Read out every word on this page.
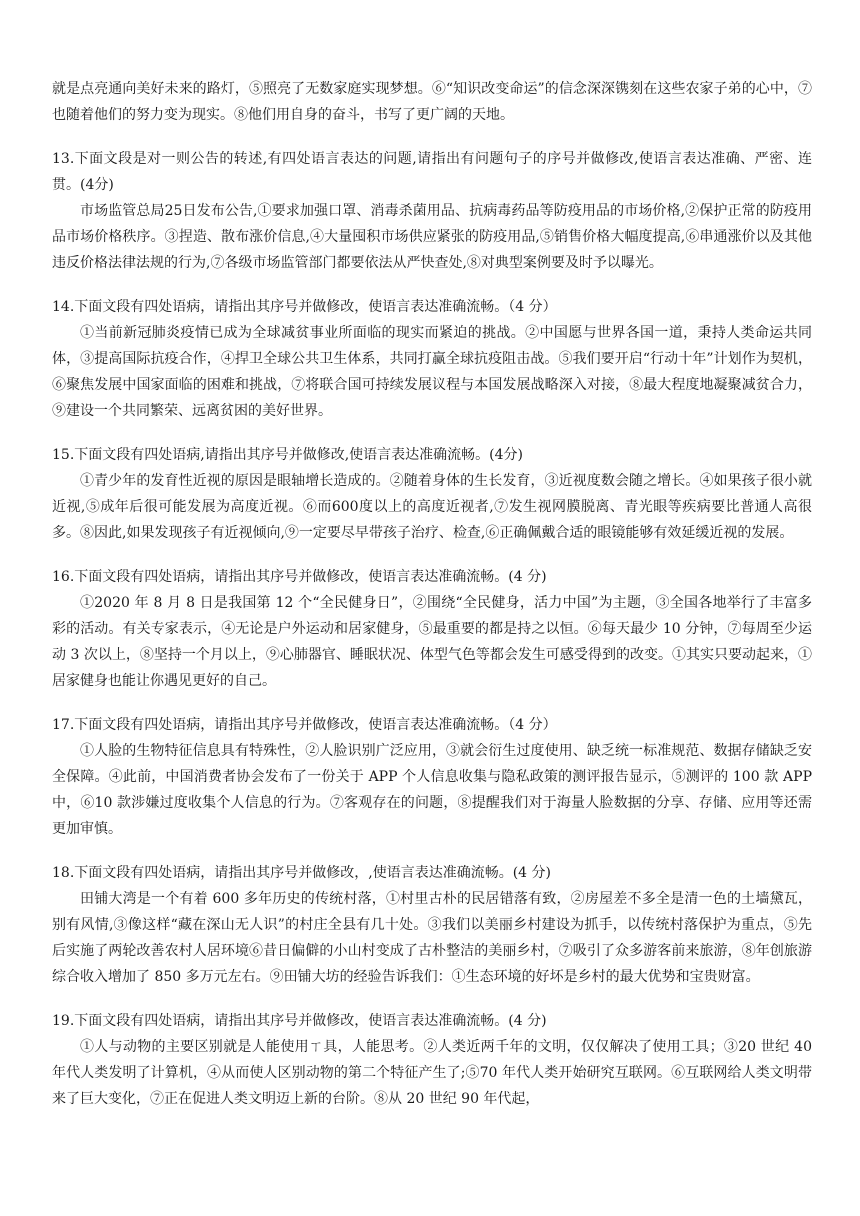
就是点亮通向美好未来的路灯，⑤照亮了无数家庭实现梦想。⑥“知识改变命运”的信念深深镌刻在这些农家子弟的心中，⑦也随着他们的努力变为现实。⑧他们用自身的奋斗，书写了更广阔的天地。

13.下面文段是对一则公告的转述,有四处语言表达的问题,请指出有问题句子的序号并做修改,使语言表达准确、严密、连贯。(4分)

市场监管总局25日发布公告,①要求加强口罩、消毒杀菌用品、抗病毒药品等防疫用品的市场价格,②保护正常的防疫用品市场价格秩序。③捏造、散布涨价信息,④大量囤积市场供应紧张的防疫用品,⑤销售价格大幅度提高,⑥串通涨价以及其他违反价格法律法规的行为,⑦各级市场监管部门都要依法从严快查处,⑧对典型案例要及时予以曝光。

14.下面文段有四处语病，请指出其序号并做修改，使语言表达准确流畅。（4 分）

①当前新冠肺炎疫情已成为全球减贫事业所面临的现实而紧迫的挑战。②中国愿与世界各国一道，秉持人类命运共同体，③提高国际抗疫合作，④捍卫全球公共卫生体系，共同打赢全球抗疫阻击战。⑤我们要开启“行动十年”计划作为契机，⑥聚焦发展中国家面临的困难和挑战，⑦将联合国可持续发展议程与本国发展战略深入对接，⑧最大程度地凝聚减贫合力，⑨建设一个共同繁荣、远离贫困的美好世界。

15.下面文段有四处语病,请指出其序号并做修改,使语言表达准确流畅。(4分)

①青少年的发育性近视的原因是眼轴增长造成的。②随着身体的生长发育，③近视度数会随之增长。④如果孩子很小就近视,⑤成年后很可能发展为高度近视。⑥而600度以上的高度近视者,⑦发生视网膜脱离、青光眼等疾病要比普通人高很多。⑧因此,如果发现孩子有近视倾向,⑨一定要尽早带孩子治疗、检查,⑥正确佩戴合适的眼镜能够有效延缓近视的发展。

16.下面文段有四处语病，请指出其序号并做修改，使语言表达准确流畅。(4 分)

①2020 年 8 月 8 日是我国第 12 个“全民健身日”，②围绕“全民健身，活力中国”为主题，③全国各地举行了丰富多彩的活动。有关专家表示，④无论是户外运动和居家健身，⑤最重要的都是持之以恒。⑥每天最少 10 分钟，⑦每周至少运动 3 次以上，⑧坚持一个月以上，⑨心肺器官、睡眠状况、体型气色等都会发生可感受得到的改变。①其实只要动起来，①居家健身也能让你遇见更好的自己。

17.下面文段有四处语病，请指出其序号并做修改，使语言表达准确流畅。（4 分）

①人脸的生物特征信息具有特殊性，②人脸识别广泛应用，③就会衍生过度使用、缺乏统一标准规范、数据存储缺乏安全保障。④此前，中国消费者协会发布了一份关于 APP 个人信息收集与隐私政策的测评报告显示，⑤测评的 100 款 APP 中，⑥10 款涉嫌过度收集个人信息的行为。⑦客观存在的问题，⑧提醒我们对于海量人脸数据的分享、存储、应用等还需更加审慎。

18.下面文段有四处语病，请指出其序号并做修改，,使语言表达准确流畅。(4 分)

田铺大湾是一个有着 600 多年历史的传统村落，①村里古朴的民居错落有致，②房屋差不多全是清一色的土墙黛瓦，别有风情,③像这样“藏在深山无人识”的村庄全县有几十处。③我们以美丽乡村建设为抓手，以传统村落保护为重点，⑤先后实施了两轮改善农村人居环境⑥昔日偏僻的小山村变成了古朴整洁的美丽乡村，⑦吸引了众多游客前来旅游，⑧年创旅游综合收入增加了 850 多万元左右。⑨田铺大坊的经验告诉我们：①生态环境的好坏是乡村的最大优势和宝贵财富。

19.下面文段有四处语病，请指出其序号并做修改，使语言表达准确流畅。(4 分)

①人与动物的主要区别就是人能使用ㄒ具，人能思考。②人类近两千年的文明，仅仅解决了使用工具；③20 世纪 40 年代人类发明了计算机，④从而使人区别动物的第二个特征产生了;⑤70 年代人类开始研究互联网。⑥互联网给人类文明带来了巨大变化，⑦正在促进人类文明迈上新的台阶。⑧从 20 世纪 90 年代起，
